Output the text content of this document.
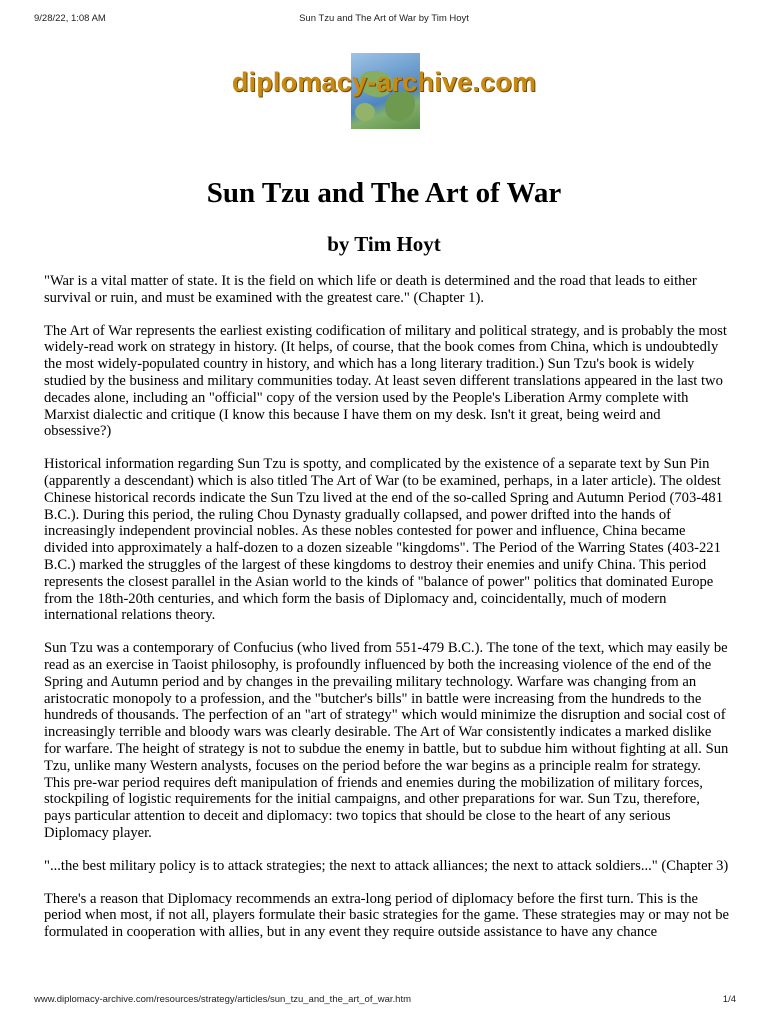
9/28/22, 1:08 AM	Sun Tzu and The Art of War by Tim Hoyt
diplomacy-archive.com
Sun Tzu and The Art of War
by Tim Hoyt

"War is a vital matter of state. It is the field on which life or death is determined and the road that leads to either survival or ruin, and must be examined with the greatest care." (Chapter 1).

The Art of War represents the earliest existing codification of military and political strategy, and is probably the most widely-read work on strategy in history. (It helps, of course, that the book comes from China, which is undoubtedly the most widely-populated country in history, and which has a long literary tradition.) Sun Tzu's book is widely studied by the business and military communities today. At least seven different translations appeared in the last two decades alone, including an "official" copy of the version used by the People's Liberation Army complete with Marxist dialectic and critique (I know this because I have them on my desk. Isn't it great, being weird and obsessive?)

Historical information regarding Sun Tzu is spotty, and complicated by the existence of a separate text by Sun Pin (apparently a descendant) which is also titled The Art of War (to be examined, perhaps, in a later article). The oldest Chinese historical records indicate the Sun Tzu lived at the end of the so-called Spring and Autumn Period (703-481 B.C.). During this period, the ruling Chou Dynasty gradually collapsed, and power drifted into the hands of increasingly independent provincial nobles. As these nobles contested for power and influence, China became divided into approximately a half-dozen to a dozen sizeable "kingdoms". The Period of the Warring States (403-221 B.C.) marked the struggles of the largest of these kingdoms to destroy their enemies and unify China. This period represents the closest parallel in the Asian world to the kinds of "balance of power" politics that dominated Europe from the 18th-20th centuries, and which form the basis of Diplomacy and, coincidentally, much of modern international relations theory.

Sun Tzu was a contemporary of Confucius (who lived from 551-479 B.C.). The tone of the text, which may easily be read as an exercise in Taoist philosophy, is profoundly influenced by both the increasing violence of the end of the Spring and Autumn period and by changes in the prevailing military technology. Warfare was changing from an aristocratic monopoly to a profession, and the "butcher's bills" in battle were increasing from the hundreds to the hundreds of thousands. The perfection of an "art of strategy" which would minimize the disruption and social cost of increasingly terrible and bloody wars was clearly desirable. The Art of War consistently indicates a marked dislike for warfare. The height of strategy is not to subdue the enemy in battle, but to subdue him without fighting at all. Sun Tzu, unlike many Western analysts, focuses on the period before the war begins as a principle realm for strategy. This pre-war period requires deft manipulation of friends and enemies during the mobilization of military forces, stockpiling of logistic requirements for the initial campaigns, and other preparations for war. Sun Tzu, therefore, pays particular attention to deceit and diplomacy: two topics that should be close to the heart of any serious Diplomacy player.

"...the best military policy is to attack strategies; the next to attack alliances; the next to attack soldiers..." (Chapter 3)

There's a reason that Diplomacy recommends an extra-long period of diplomacy before the first turn. This is the period when most, if not all, players formulate their basic strategies for the game. These strategies may or may not be formulated in cooperation with allies, but in any event they require outside assistance to have any chance

www.diplomacy-archive.com/resources/strategy/articles/sun_tzu_and_the_art_of_war.htm	1/4
